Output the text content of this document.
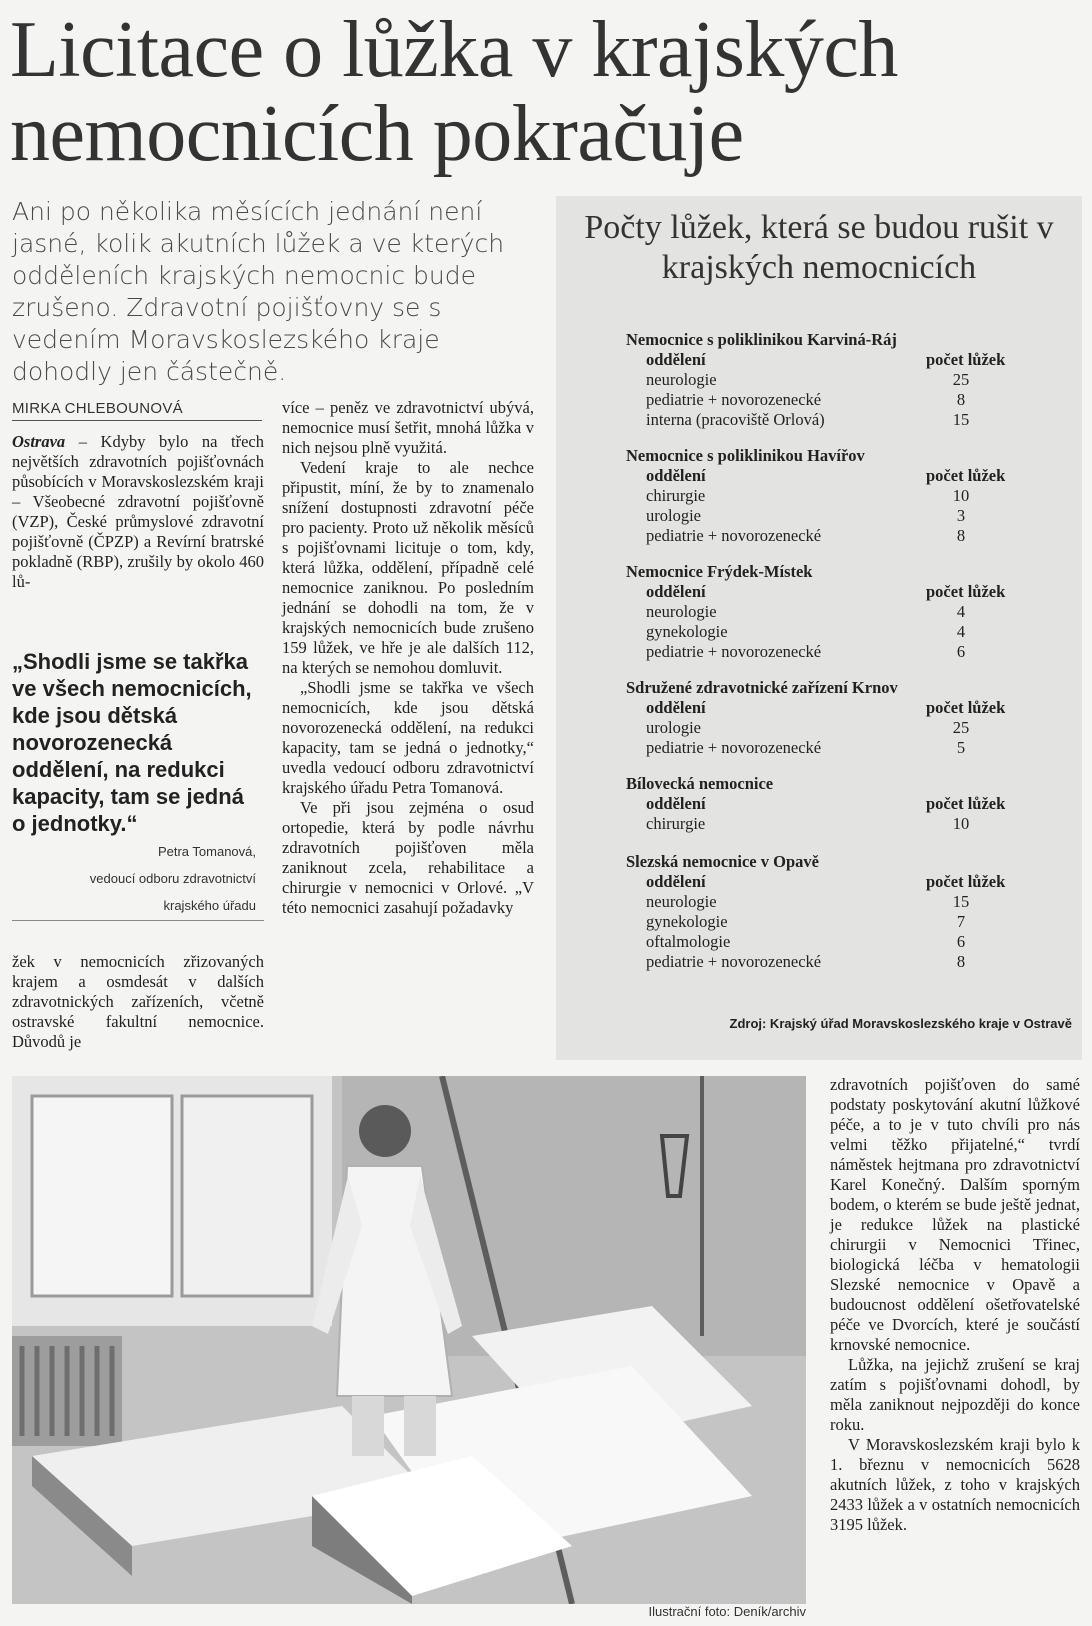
Licitace o lůžka v krajských nemocnicích pokračuje

Ani po několika měsících jednání není jasné, kolik akutních lůžek a ve kterých odděleních krajských nemocnic bude zrušeno. Zdravotní pojišťovny se s vedením Moravskoslezského kraje dohodly jen částečně.

MIRKA CHLEBOUNOVÁ

Ostrava – Kdyby bylo na třech největších zdravotních pojišťovnách působících v Moravskoslezském kraji – Všeobecné zdravotní pojišťovně (VZP), České průmyslové zdravotní pojišťovně (ČPZP) a Revírní bratrské pokladně (RBP), zrušily by okolo 460 lů-

„Shodli jsme se takřka ve všech nemocnicích, kde jsou dětská novorozenecká oddělení, na redukci kapacity, tam se jedná o jednotky.“
Petra Tomanová,
vedoucí odboru zdravotnictví
krajského úřadu

žek v nemocnicích zřizovaných krajem a osmdesát v dalších zdravotnických zařízeních, včetně ostravské fakultní nemocnice. Důvodů je

více – peněz ve zdravotnictví ubývá, nemocnice musí šetřit, mnohá lůžka v nich nejsou plně využitá.

Vedení kraje to ale nechce připustit, míní, že by to znamenalo snížení dostupnosti zdravotní péče pro pacienty. Proto už několik měsíců s pojišťovnami licituje o tom, kdy, která lůžka, oddělení, případně celé nemocnice zaniknou. Po posledním jednání se dohodli na tom, že v krajských nemocnicích bude zrušeno 159 lůžek, ve hře je ale dalších 112, na kterých se nemohou domluvit.

„Shodli jsme se takřka ve všech nemocnicích, kde jsou dětská novorozenecká oddělení, na redukci kapacity, tam se jedná o jednotky,“ uvedla vedoucí odboru zdravotnictví krajského úřadu Petra Tomanová.

Ve při jsou zejména o osud ortopedie, která by podle návrhu zdravotních pojišťoven měla zaniknout zcela, rehabilitace a chirurgie v nemocnici v Orlové. „V této nemocnici zasahují požadavky

Počty lůžek, která se budou rušit v krajských nemocnicích
Nemocnice s poliklinikou Karviná-Ráj
oddělení	počet lůžek
neurologie	25
pediatrie + novorozenecké	8
interna (pracoviště Orlová)	15
Nemocnice s poliklinikou Havířov
oddělení	počet lůžek
chirurgie	10
urologie	3
pediatrie + novorozenecké	8
Nemocnice Frýdek-Místek
oddělení	počet lůžek
neurologie	4
gynekologie	4
pediatrie + novorozenecké	6
Sdružené zdravotnické zařízení Krnov
oddělení	počet lůžek
urologie	25
pediatrie + novorozenecké	5
Bílovecká nemocnice
oddělení	počet lůžek
chirurgie	10
Slezská nemocnice v Opavě
oddělení	počet lůžek
neurologie	15
gynekologie	7
oftalmologie	6
pediatrie + novorozenecké	8
Zdroj: Krajský úřad Moravskoslezského kraje v Ostravě
Ilustrační foto: Deník/archiv

zdravotních pojišťoven do samé podstaty poskytování akutní lůžkové péče, a to je v tuto chvíli pro nás velmi těžko přijatelné,“ tvrdí náměstek hejtmana pro zdravotnictví Karel Konečný. Dalším sporným bodem, o kterém se bude ještě jednat, je redukce lůžek na plastické chirurgii v Nemocnici Třinec, biologická léčba v hematologii Slezské nemocnice v Opavě a budoucnost oddělení ošetřovatelské péče ve Dvorcích, které je součástí krnovské nemocnice.

Lůžka, na jejichž zrušení se kraj zatím s pojišťovnami dohodl, by měla zaniknout nejpozději do konce roku.

V Moravskoslezském kraji bylo k 1. březnu v nemocnicích 5628 akutních lůžek, z toho v krajských 2433 lůžek a v ostatních nemocnicích 3195 lůžek.
